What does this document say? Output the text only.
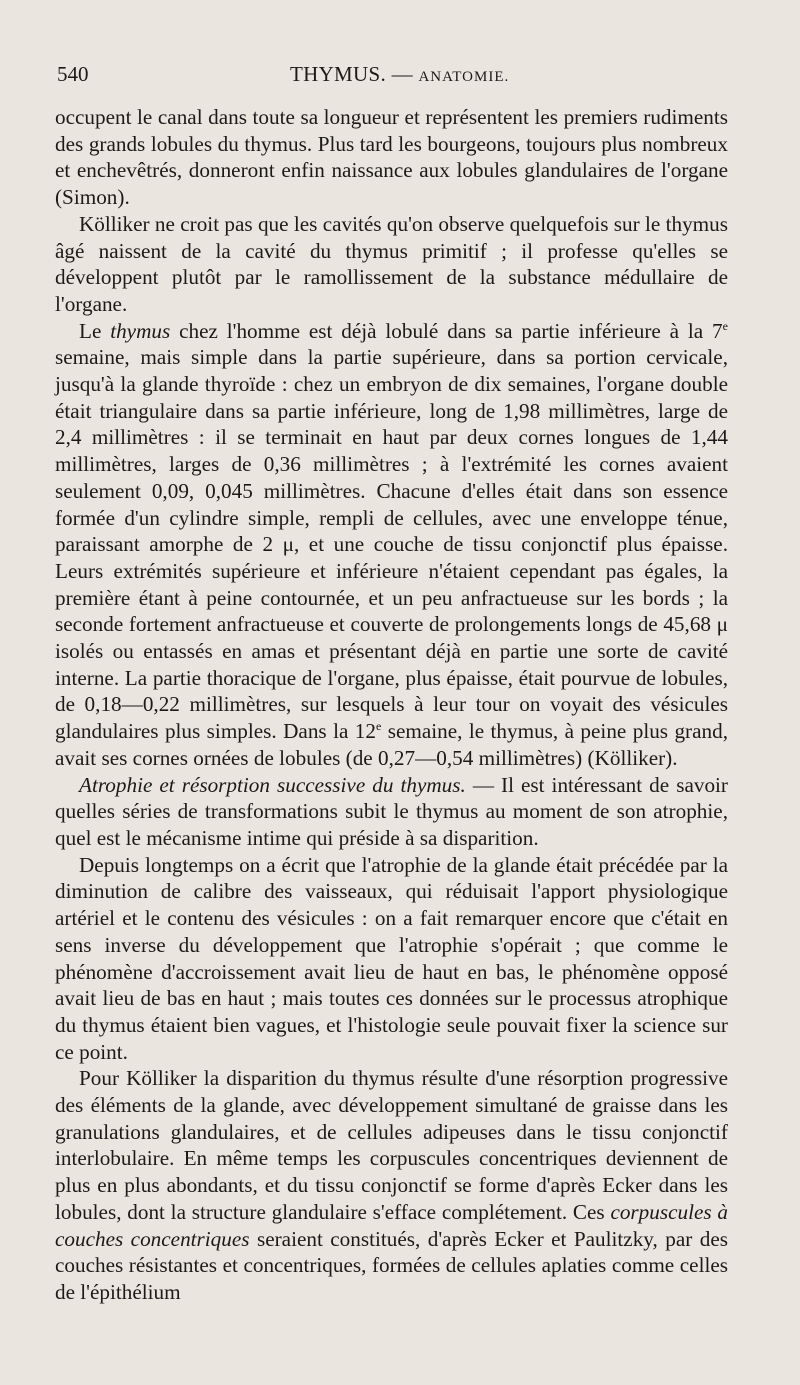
540	THYMUS. — ANATOMIE.

occupent le canal dans toute sa longueur et représentent les premiers rudiments des grands lobules du thymus. Plus tard les bourgeons, toujours plus nombreux et enchevêtrés, donneront enfin naissance aux lobules glandulaires de l'organe (Simon).

Kölliker ne croit pas que les cavités qu'on observe quelquefois sur le thymus âgé naissent de la cavité du thymus primitif ; il professe qu'elles se développent plutôt par le ramollissement de la substance médullaire de l'organe.

Le thymus chez l'homme est déjà lobulé dans sa partie inférieure à la 7e semaine, mais simple dans la partie supérieure, dans sa portion cervicale, jusqu'à la glande thyroïde : chez un embryon de dix semaines, l'organe double était triangulaire dans sa partie inférieure, long de 1,98 millimètres, large de 2,4 millimètres : il se terminait en haut par deux cornes longues de 1,44 millimètres, larges de 0,36 millimètres ; à l'extrémité les cornes avaient seulement 0,09, 0,045 millimètres. Chacune d'elles était dans son essence formée d'un cylindre simple, rempli de cellules, avec une enveloppe ténue, paraissant amorphe de 2 μ, et une couche de tissu conjonctif plus épaisse. Leurs extrémités supérieure et inférieure n'étaient cependant pas égales, la première étant à peine contournée, et un peu anfractueuse sur les bords ; la seconde fortement anfractueuse et couverte de prolongements longs de 45,68 μ isolés ou entassés en amas et présentant déjà en partie une sorte de cavité interne. La partie thoracique de l'organe, plus épaisse, était pourvue de lobules, de 0,18—0,22 millimètres, sur lesquels à leur tour on voyait des vésicules glandulaires plus simples. Dans la 12e semaine, le thymus, à peine plus grand, avait ses cornes ornées de lobules (de 0,27—0,54 millimètres) (Kölliker).

Atrophie et résorption successive du thymus. — Il est intéressant de savoir quelles séries de transformations subit le thymus au moment de son atrophie, quel est le mécanisme intime qui préside à sa disparition.

Depuis longtemps on a écrit que l'atrophie de la glande était précédée par la diminution de calibre des vaisseaux, qui réduisait l'apport physiologique artériel et le contenu des vésicules : on a fait remarquer encore que c'était en sens inverse du développement que l'atrophie s'opérait ; que comme le phénomène d'accroissement avait lieu de haut en bas, le phénomène opposé avait lieu de bas en haut ; mais toutes ces données sur le processus atrophique du thymus étaient bien vagues, et l'histologie seule pouvait fixer la science sur ce point.

Pour Kölliker la disparition du thymus résulte d'une résorption progressive des éléments de la glande, avec développement simultané de graisse dans les granulations glandulaires, et de cellules adipeuses dans le tissu conjonctif interlobulaire. En même temps les corpuscules concentriques deviennent de plus en plus abondants, et du tissu conjonctif se forme d'après Ecker dans les lobules, dont la structure glandulaire s'efface complétement. Ces corpuscules à couches concentriques seraient constitués, d'après Ecker et Paulitzky, par des couches résistantes et concentriques, formées de cellules aplaties comme celles de l'épithélium
